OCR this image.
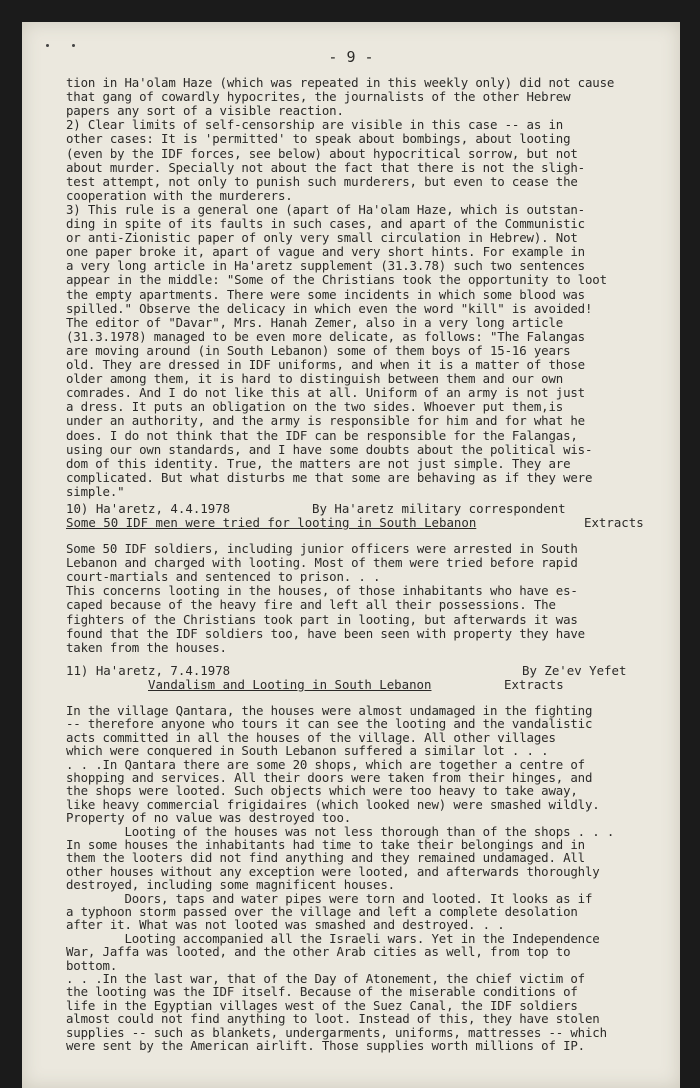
- 9 -
tion in Ha'olam Haze (which was repeated in this weekly only) did not cause
that gang of cowardly hypocrites, the journalists of the other Hebrew
papers any sort of a visible reaction.
2) Clear limits of self-censorship are visible in this case -- as in
other cases: It is 'permitted' to speak about bombings, about looting
(even by the IDF forces, see below) about hypocritical sorrow, but not
about murder. Specially not about the fact that there is not the sligh-
test attempt, not only to punish such murderers, but even to cease the
cooperation with the murderers.
3) This rule is a general one (apart of Ha'olam Haze, which is outstan-
ding in spite of its faults in such cases, and apart of the Communistic
or anti-Zionistic paper of only very small circulation in Hebrew). Not
one paper broke it, apart of vague and very short hints. For example in
a very long article in Ha'aretz supplement (31.3.78) such two sentences
appear in the middle: "Some of the Christians took the opportunity to loot
the empty apartments. There were some incidents in which some blood was
spilled." Observe the delicacy in which even the word "kill" is avoided!
The editor of "Davar", Mrs. Hanah Zemer, also in a very long article
(31.3.1978) managed to be even more delicate, as follows: "The Falangas
are moving around (in South Lebanon) some of them boys of 15-16 years
old. They are dressed in IDF uniforms, and when it is a matter of those
older among them, it is hard to distinguish between them and our own
comrades. And I do not like this at all. Uniform of an army is not just
a dress. It puts an obligation on the two sides. Whoever put them,is
under an authority, and the army is responsible for him and for what he
does. I do not think that the IDF can be responsible for the Falangas,
using our own standards, and I have some doubts about the political wis-
dom of this identity. True, the matters are not just simple. They are
complicated. But what disturbs me that some are behaving as if they were
simple."
10) Ha'aretz, 4.4.1978	By Ha'aretz military correspondent
Some 50 IDF men were tried for looting in South Lebanon	Extracts
Some 50 IDF soldiers, including junior officers were arrested in South
Lebanon and charged with looting. Most of them were tried before rapid
court-martials and sentenced to prison. . .
This concerns looting in the houses, of those inhabitants who have es-
caped because of the heavy fire and left all their possessions. The
fighters of the Christians took part in looting, but afterwards it was
found that the IDF soldiers too, have been seen with property they have
taken from the houses.
11) Ha'aretz, 7.4.1978	By Ze'ev Yefet
Vandalism and Looting in South Lebanon	Extracts
In the village Qantara, the houses were almost undamaged in the fighting
-- therefore anyone who tours it can see the looting and the vandalistic
acts committed in all the houses of the village. All other villages
which were conquered in South Lebanon suffered a similar lot . . .
. . .In Qantara there are some 20 shops, which are together a centre of
shopping and services. All their doors were taken from their hinges, and
the shops were looted. Such objects which were too heavy to take away,
like heavy commercial frigidaires (which looked new) were smashed wildly.
Property of no value was destroyed too.
Looting of the houses was not less thorough than of the shops . . .
In some houses the inhabitants had time to take their belongings and in
them the looters did not find anything and they remained undamaged. All
other houses without any exception were looted, and afterwards thoroughly
destroyed, including some magnificent houses.
Doors, taps and water pipes were torn and looted. It looks as if
a typhoon storm passed over the village and left a complete desolation
after it. What was not looted was smashed and destroyed. . .
Looting accompanied all the Israeli wars. Yet in the Independence
War, Jaffa was looted, and the other Arab cities as well, from top to
bottom.
. . .In the last war, that of the Day of Atonement, the chief victim of
the looting was the IDF itself. Because of the miserable conditions of
life in the Egyptian villages west of the Suez Canal, the IDF soldiers
almost could not find anything to loot. Instead of this, they have stolen
supplies -- such as blankets, undergarments, uniforms, mattresses -- which
were sent by the American airlift. Those supplies worth millions of IP.
